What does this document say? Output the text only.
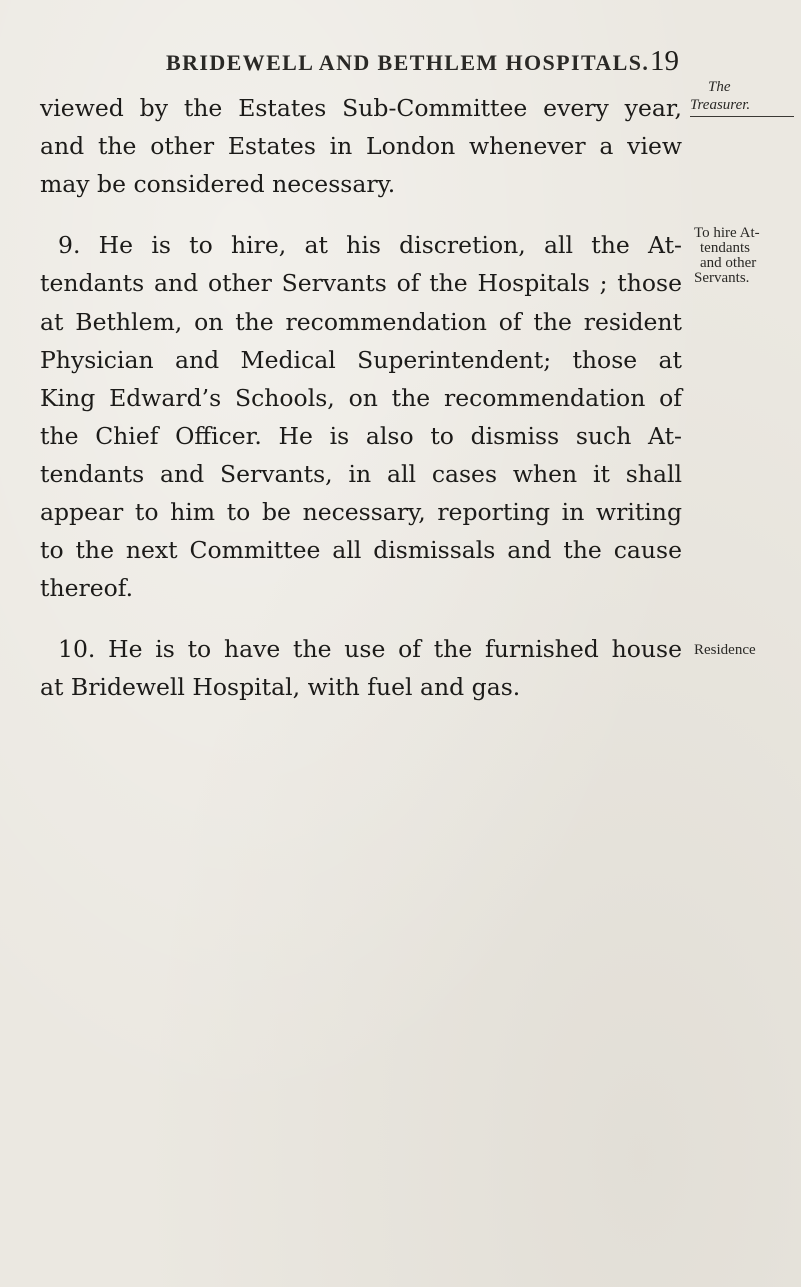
BRIDEWELL AND BETHLEM HOSPITALS. 19
The
Treasurer.
viewed by the Estates Sub-Committee every year,
and the other Estates in London whenever a view
may be considered necessary.
9. He is to hire, at his discretion, all the At- To hire At-
tendants
and other
Servants.
tendants and other Servants of the Hospitals ; those
at Bethlem, on the recommendation of the resident
Physician and Medical Superintendent; those at
King Edward’s Schools, on the recommendation of
the Chief Officer. He is also to dismiss such At-
tendants and Servants, in all cases when it shall
appear to him to be necessary, reporting in writing
to the next Committee all dismissals and the cause
thereof.
10. He is to have the use of the furnished house Residence
at Bridewell Hospital, with fuel and gas.
